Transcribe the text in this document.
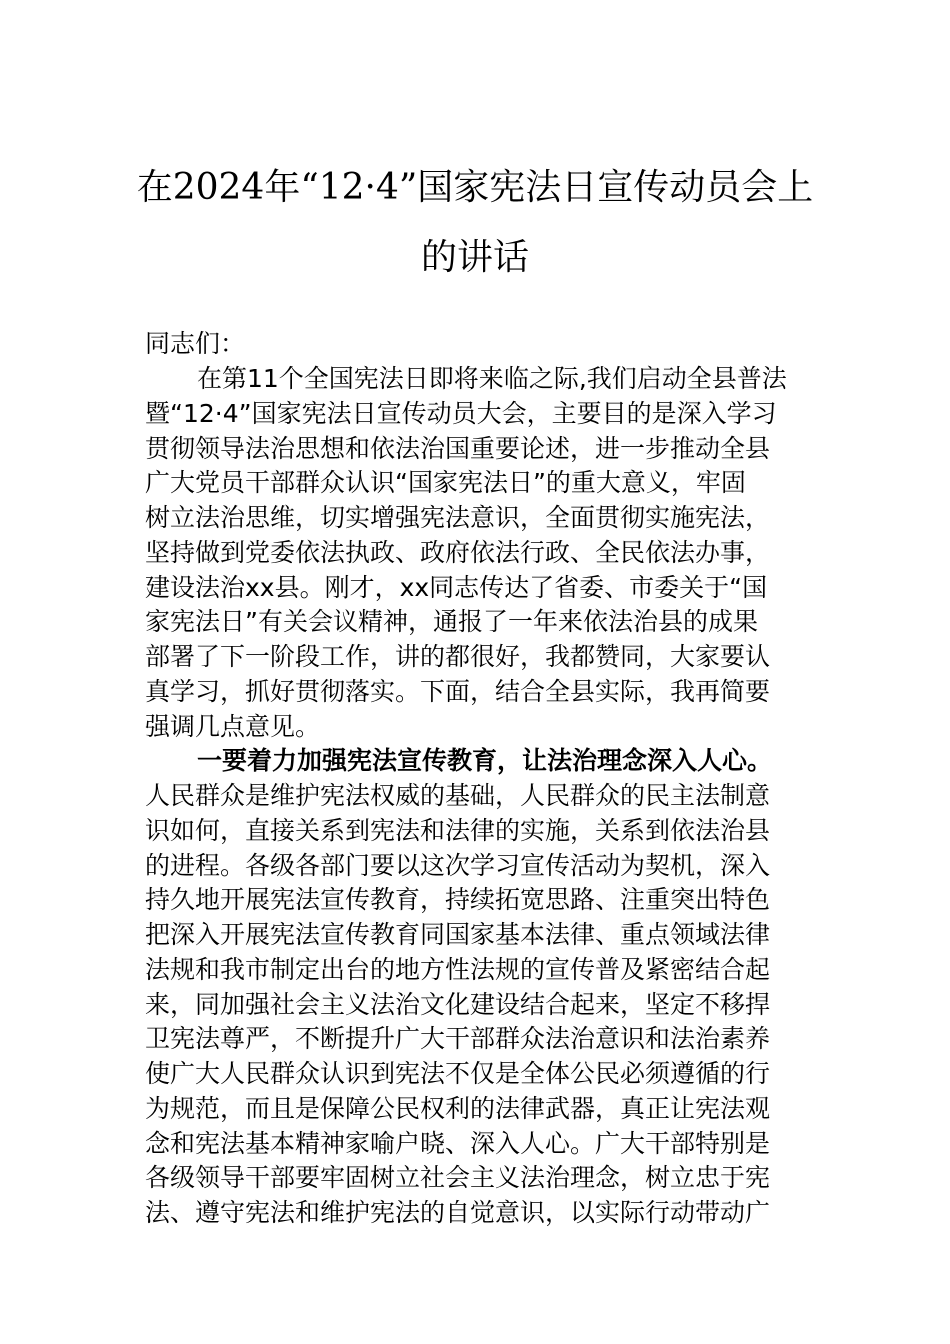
在2024年“12·4”国家宪法日宣传动员会上
的讲话

同志们：

在第11个全国宪法日即将来临之际,我们启动全县普法

暨“12·4”国家宪法日宣传动员大会，主要目的是深入学习

贯彻领导法治思想和依法治国重要论述，进一步推动全县

广大党员干部群众认识“国家宪法日”的重大意义，牢固

树立法治思维，切实增强宪法意识，全面贯彻实施宪法，

坚持做到党委依法执政、政府依法行政、全民依法办事，

建设法治xx县。刚才，xx同志传达了省委、市委关于“国

家宪法日”有关会议精神，通报了一年来依法治县的成果

部署了下一阶段工作，讲的都很好，我都赞同，大家要认

真学习，抓好贯彻落实。下面，结合全县实际，我再简要

强调几点意见。

一要着力加强宪法宣传教育，让法治理念深入人心。

人民群众是维护宪法权威的基础，人民群众的民主法制意

识如何，直接关系到宪法和法律的实施，关系到依法治县

的进程。各级各部门要以这次学习宣传活动为契机，深入

持久地开展宪法宣传教育，持续拓宽思路、注重突出特色

把深入开展宪法宣传教育同国家基本法律、重点领域法律

法规和我市制定出台的地方性法规的宣传普及紧密结合起

来，同加强社会主义法治文化建设结合起来，坚定不移捍

卫宪法尊严，不断提升广大干部群众法治意识和法治素养

使广大人民群众认识到宪法不仅是全体公民必须遵循的行

为规范，而且是保障公民权利的法律武器，真正让宪法观

念和宪法基本精神家喻户晓、深入人心。广大干部特别是

各级领导干部要牢固树立社会主义法治理念，树立忠于宪

法、遵守宪法和维护宪法的自觉意识，以实际行动带动广
